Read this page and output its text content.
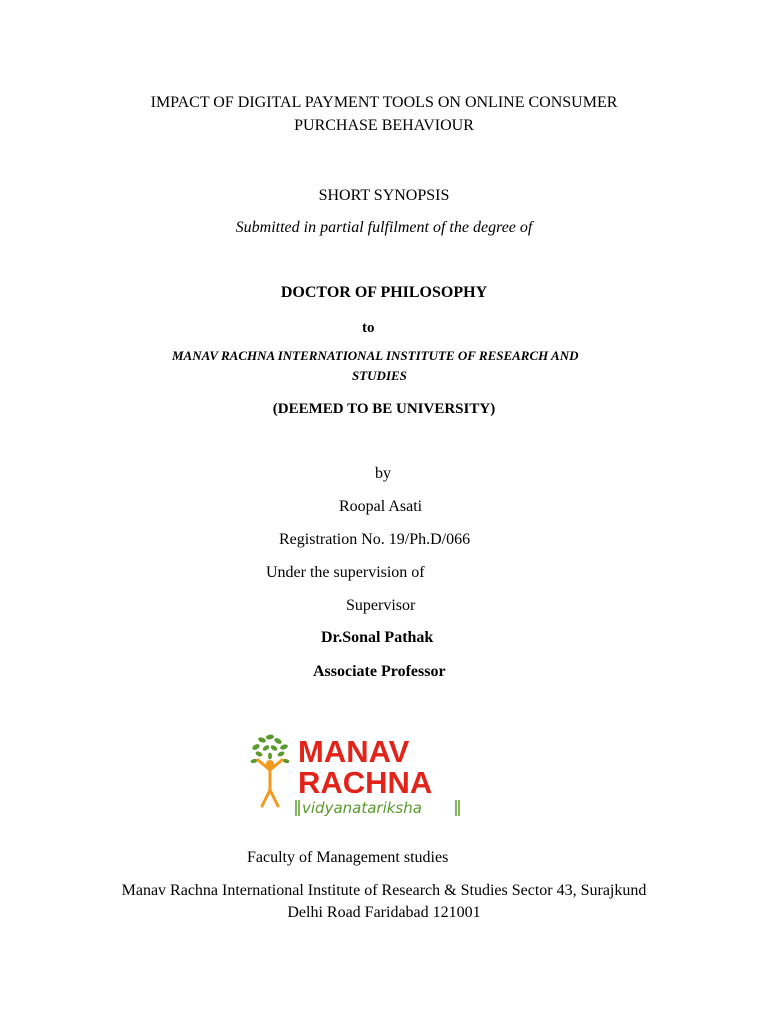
IMPACT OF DIGITAL PAYMENT TOOLS ON ONLINE CONSUMER
PURCHASE BEHAVIOUR
SHORT SYNOPSIS
Submitted in partial fulfilment of the degree of
DOCTOR OF PHILOSOPHY
to
MANAV RACHNA INTERNATIONAL INSTITUTE OF RESEARCH AND
STUDIES
(DEEMED TO BE UNIVERSITY)
by
Roopal Asati
Registration No. 19/Ph.D/066
Under the supervision of
Supervisor
Dr.Sonal Pathak
Associate Professor
MANAV
RACHNA
vidyanatariksha
Faculty of Management studies
Manav Rachna International Institute of Research & Studies Sector 43, Surajkund
Delhi Road Faridabad 121001
